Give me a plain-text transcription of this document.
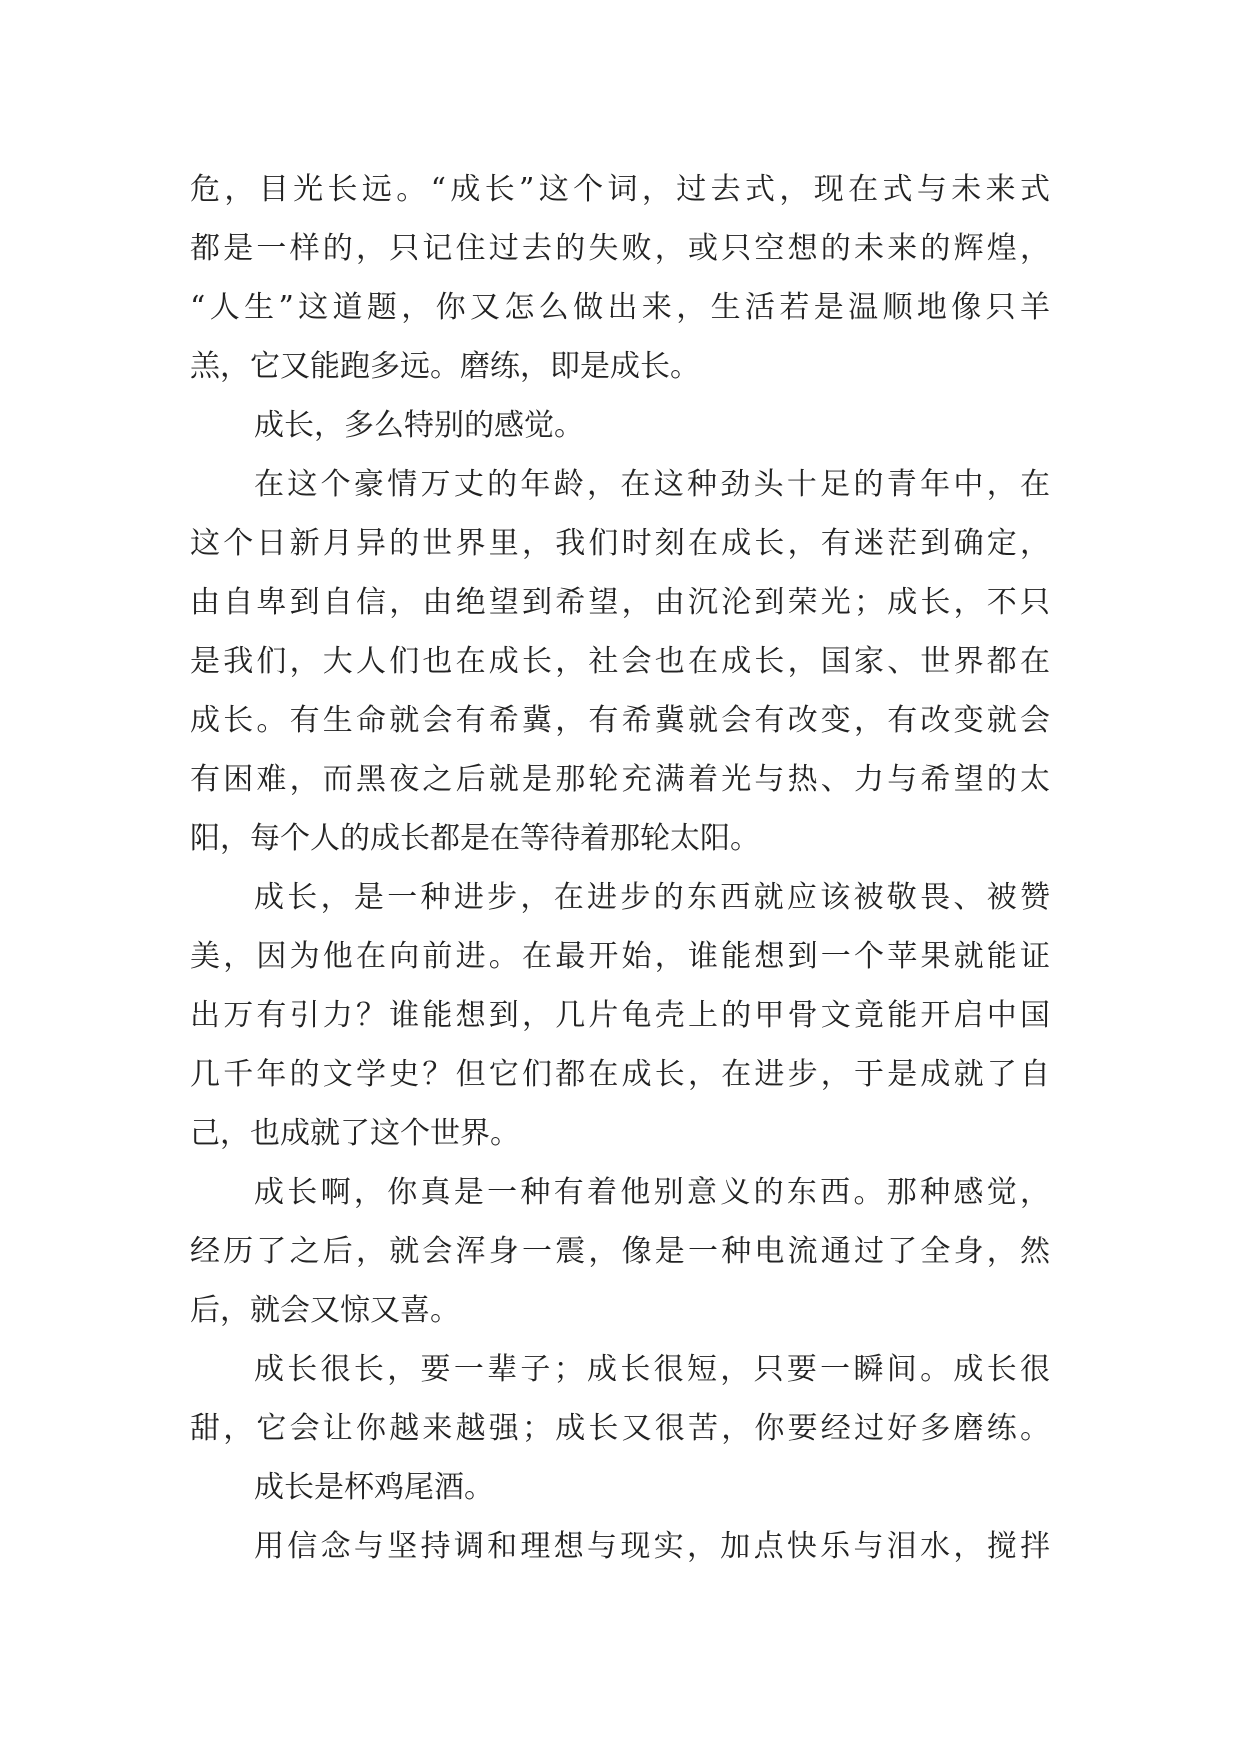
危，目光长远。“成长”这个词，过去式，现在式与未来式
都是一样的，只记住过去的失败，或只空想的未来的辉煌，
“人生”这道题，你又怎么做出来，生活若是温顺地像只羊
羔，它又能跑多远。磨练，即是成长。
成长，多么特别的感觉。
在这个豪情万丈的年龄，在这种劲头十足的青年中，在
这个日新月异的世界里，我们时刻在成长，有迷茫到确定，
由自卑到自信，由绝望到希望，由沉沦到荣光；成长，不只
是我们，大人们也在成长，社会也在成长，国家、世界都在
成长。有生命就会有希冀，有希冀就会有改变，有改变就会
有困难，而黑夜之后就是那轮充满着光与热、力与希望的太
阳，每个人的成长都是在等待着那轮太阳。
成长，是一种进步，在进步的东西就应该被敬畏、被赞
美，因为他在向前进。在最开始，谁能想到一个苹果就能证
出万有引力？谁能想到，几片龟壳上的甲骨文竟能开启中国
几千年的文学史？但它们都在成长，在进步，于是成就了自
己，也成就了这个世界。
成长啊，你真是一种有着他别意义的东西。那种感觉，
经历了之后，就会浑身一震，像是一种电流通过了全身，然
后，就会又惊又喜。
成长很长，要一辈子；成长很短，只要一瞬间。成长很
甜，它会让你越来越强；成长又很苦，你要经过好多磨练。
成长是杯鸡尾酒。
用信念与坚持调和理想与现实，加点快乐与泪水，搅拌
